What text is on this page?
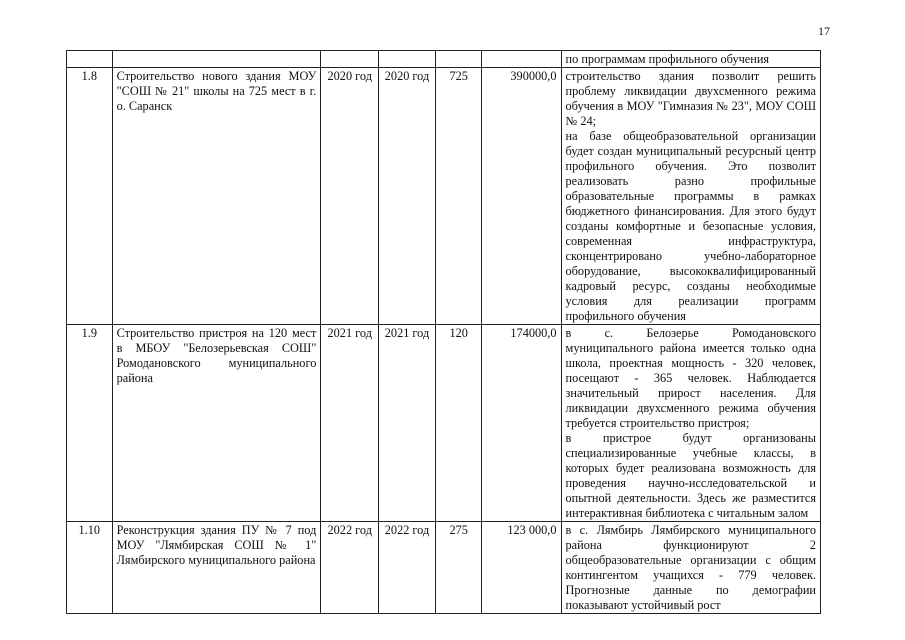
17

						по программам профильного обучения

1.8	Строительство нового здания МОУ "СОШ № 21" школы на 725 мест в г. о. Саранск	2020 год	2020 год	725	390000,0	строительство здания позволит решить проблему ликвидации двухсменного режима обучения в МОУ "Гимназия № 23", МОУ СОШ № 24;
на базе общеобразовательной организации будет создан муниципальный ресурсный центр профильного обучения. Это позволит реализовать разно профильные образовательные программы в рамках бюджетного финансирования. Для этого будут созданы комфортные и безопасные условия, современная инфраструктура, сконцентрировано учебно-лабораторное оборудование, высококвалифицированный кадровый ресурс, созданы необходимые условия для реализации программ профильного обучения

1.9	Строительство пристроя на 120 мест в МБОУ "Белозерьевская СОШ" Ромодановского муниципального района	2021 год	2021 год	120	174000,0	в с. Белозерье Ромодановского муниципального района имеется только одна школа, проектная мощность - 320 человек, посещают - 365 человек. Наблюдается значительный прирост населения. Для ликвидации двухсменного режима обучения требуется строительство пристроя;
в пристрое будут организованы специализированные учебные классы, в которых будет реализована возможность для проведения научно-исследовательской и опытной деятельности. Здесь же разместится интерактивная библиотека с читальным залом

1.10	Реконструкция здания ПУ № 7 под МОУ "Лямбирская СОШ № 1" Лямбирского муниципального района	2022 год	2022 год	275	123 000,0	в с. Лямбирь Лямбирского муниципального района функционируют 2 общеобразовательные организации с общим контингентом учащихся - 779 человек. Прогнозные данные по демографии показывают устойчивый рост
